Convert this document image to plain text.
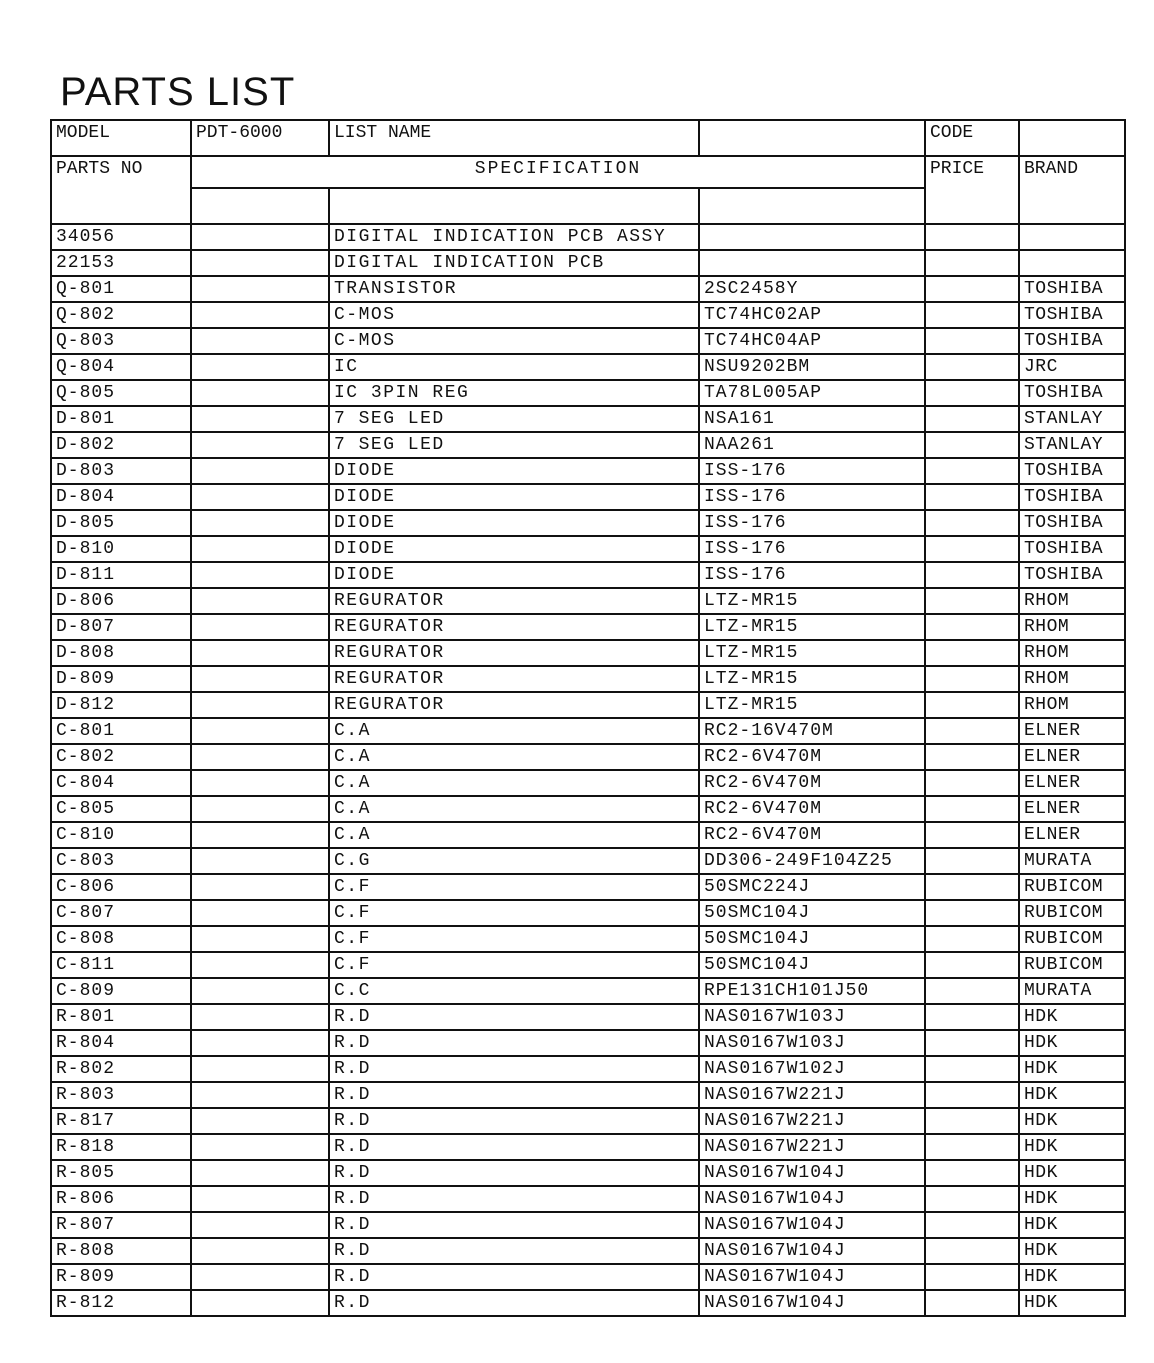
PARTS LIST
MODEL	PDT-6000	LIST NAME		CODE	
PARTS NO	SPECIFICATION			PRICE	BRAND

34056		DIGITAL INDICATION PCB ASSY			
22153		DIGITAL INDICATION PCB			
Q-801		TRANSISTOR	2SC2458Y		TOSHIBA
Q-802		C-MOS	TC74HC02AP		TOSHIBA
Q-803		C-MOS	TC74HC04AP		TOSHIBA
Q-804		IC	NSU9202BM		JRC
Q-805		IC 3PIN REG	TA78L005AP		TOSHIBA
D-801		7 SEG LED	NSA161		STANLAY
D-802		7 SEG LED	NAA261		STANLAY
D-803		DIODE	ISS-176		TOSHIBA
D-804		DIODE	ISS-176		TOSHIBA
D-805		DIODE	ISS-176		TOSHIBA
D-810		DIODE	ISS-176		TOSHIBA
D-811		DIODE	ISS-176		TOSHIBA
D-806		REGURATOR	LTZ-MR15		RHOM
D-807		REGURATOR	LTZ-MR15		RHOM
D-808		REGURATOR	LTZ-MR15		RHOM
D-809		REGURATOR	LTZ-MR15		RHOM
D-812		REGURATOR	LTZ-MR15		RHOM
C-801		C.A	RC2-16V470M		ELNER
C-802		C.A	RC2-6V470M		ELNER
C-804		C.A	RC2-6V470M		ELNER
C-805		C.A	RC2-6V470M		ELNER
C-810		C.A	RC2-6V470M		ELNER
C-803		C.G	DD306-249F104Z25		MURATA
C-806		C.F	50SMC224J		RUBICOM
C-807		C.F	50SMC104J		RUBICOM
C-808		C.F	50SMC104J		RUBICOM
C-811		C.F	50SMC104J		RUBICOM
C-809		C.C	RPE131CH101J50		MURATA
R-801		R.D	NAS0167W103J		HDK
R-804		R.D	NAS0167W103J		HDK
R-802		R.D	NAS0167W102J		HDK
R-803		R.D	NAS0167W221J		HDK
R-817		R.D	NAS0167W221J		HDK
R-818		R.D	NAS0167W221J		HDK
R-805		R.D	NAS0167W104J		HDK
R-806		R.D	NAS0167W104J		HDK
R-807		R.D	NAS0167W104J		HDK
R-808		R.D	NAS0167W104J		HDK
R-809		R.D	NAS0167W104J		HDK
R-812		R.D	NAS0167W104J		HDK
